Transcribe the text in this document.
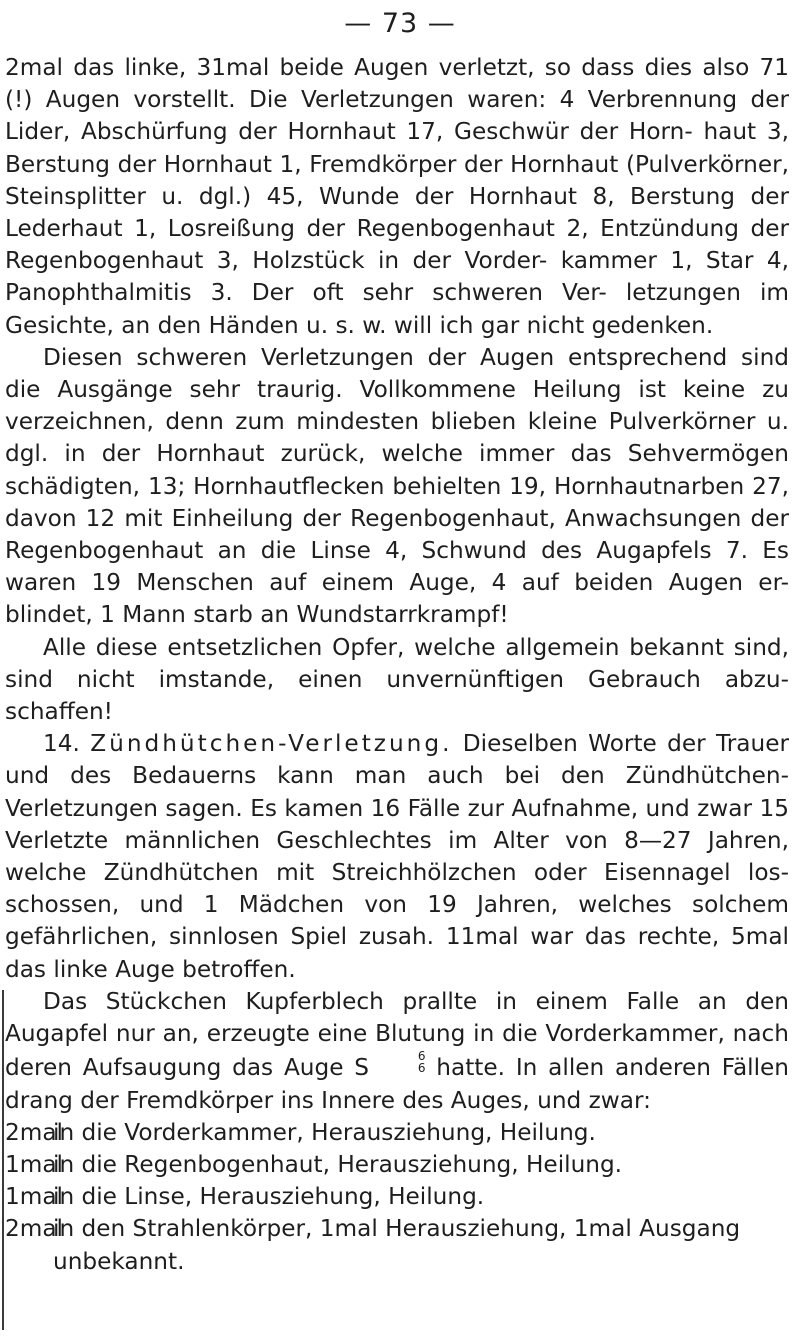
— 73 —

2mal das linke, 31mal beide Augen verletzt, so dass dies also 71 (!) Augen vorstellt. Die Verletzungen waren: 4 Verbrennung der Lider, Abschürfung der Hornhaut 17, Geschwür der Horn- haut 3, Berstung der Hornhaut 1, Fremdkörper der Hornhaut (Pulverkörner, Steinsplitter u. dgl.) 45, Wunde der Hornhaut 8, Berstung der Lederhaut 1, Losreißung der Regenbogenhaut 2, Entzündung der Regenbogenhaut 3, Holzstück in der Vorder- kammer 1, Star 4, Panophthalmitis 3. Der oft sehr schweren Ver- letzungen im Gesichte, an den Händen u. s. w. will ich gar nicht gedenken.

Diesen schweren Verletzungen der Augen entsprechend sind die Ausgänge sehr traurig. Vollkommene Heilung ist keine zu verzeichnen, denn zum mindesten blieben kleine Pulverkörner u. dgl. in der Hornhaut zurück, welche immer das Sehvermögen schädigten, 13; Hornhautflecken behielten 19, Hornhautnarben 27, davon 12 mit Einheilung der Regenbogenhaut, Anwachsungen der Regenbogenhaut an die Linse 4, Schwund des Augapfels 7. Es waren 19 Menschen auf einem Auge, 4 auf beiden Augen er- blindet, 1 Mann starb an Wundstarrkrampf!

Alle diese entsetzlichen Opfer, welche allgemein bekannt sind, sind nicht imstande, einen unvernünftigen Gebrauch abzu- schaffen!

14. Zündhütchen-Verletzung. Dieselben Worte der Trauer und des Bedauerns kann man auch bei den Zündhütchen- Verletzungen sagen. Es kamen 16 Fälle zur Aufnahme, und zwar 15 Verletzte männlichen Geschlechtes im Alter von 8—27 Jahren, welche Zündhütchen mit Streichhölzchen oder Eisennagel los- schossen, und 1 Mädchen von 19 Jahren, welches solchem gefährlichen, sinnlosen Spiel zusah. 11mal war das rechte, 5mal das linke Auge betroffen.

Das Stückchen Kupferblech prallte in einem Falle an den Augapfel nur an, erzeugte eine Blutung in die Vorderkammer, nach deren Aufsaugung das Auge S	6
6 hatte. In allen anderen Fällen drang der Fremdkörper ins Innere des Auges, und zwar:

2mal
in die Vorderkammer, Herausziehung, Heilung.
1mal
in die Regenbogenhaut, Herausziehung, Heilung.
1mal
in die Linse, Herausziehung, Heilung.
2mal
in den Strahlenkörper, 1mal Herausziehung, 1mal Ausgang unbekannt.
